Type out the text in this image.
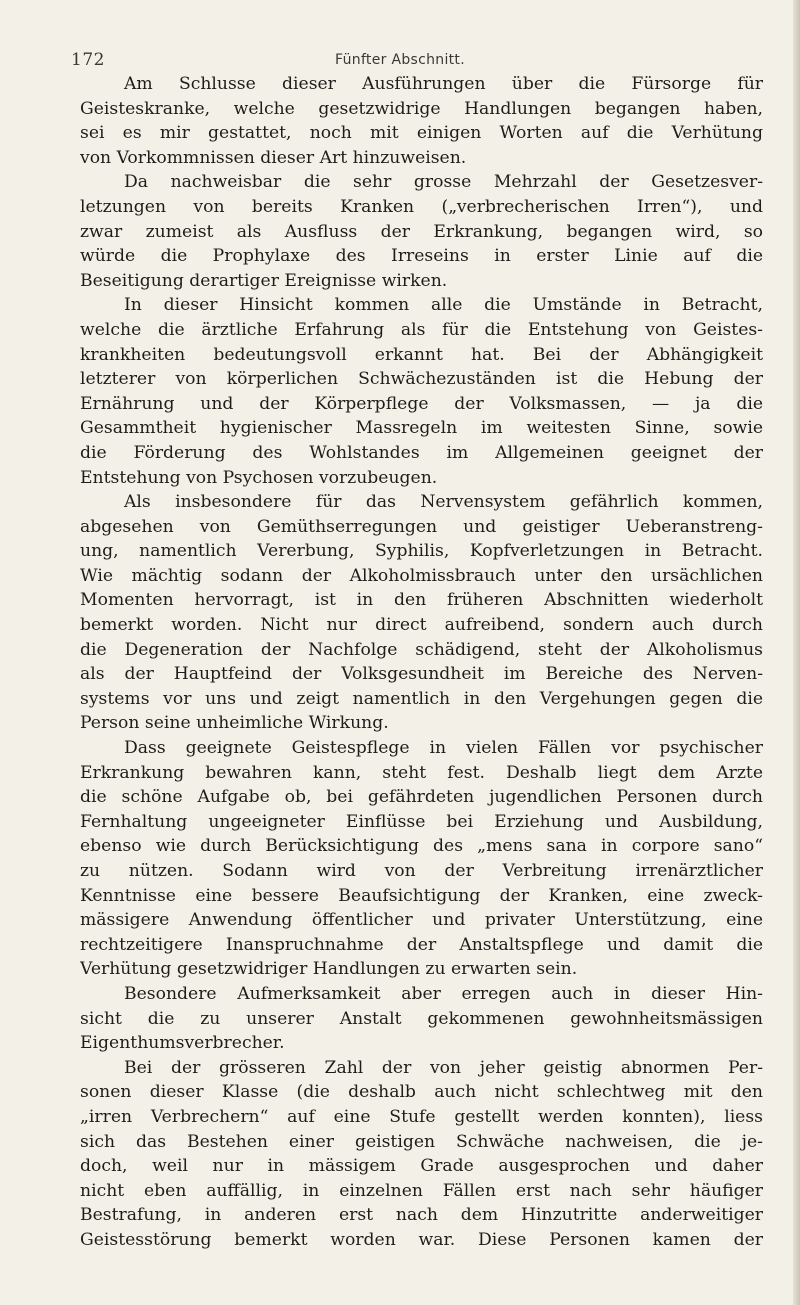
172	Fünfter Abschnitt.

Am Schlusse dieser Ausführungen über die Fürsorge für
Geisteskranke, welche gesetzwidrige Handlungen begangen haben,
sei es mir gestattet, noch mit einigen Worten auf die Verhütung
von Vorkommnissen dieser Art hinzuweisen.

Da nachweisbar die sehr grosse Mehrzahl der Gesetzesver-
letzungen von bereits Kranken („verbrecherischen Irren“), und
zwar zumeist als Ausfluss der Erkrankung, begangen wird, so
würde die Prophylaxe des Irreseins in erster Linie auf die
Beseitigung derartiger Ereignisse wirken.

In dieser Hinsicht kommen alle die Umstände in Betracht,
welche die ärztliche Erfahrung als für die Entstehung von Geistes-
krankheiten bedeutungsvoll erkannt hat. Bei der Abhängigkeit
letzterer von körperlichen Schwächezuständen ist die Hebung der
Ernährung und der Körperpflege der Volksmassen, — ja die
Gesammtheit hygienischer Massregeln im weitesten Sinne, sowie
die Förderung des Wohlstandes im Allgemeinen geeignet der
Entstehung von Psychosen vorzubeugen.

Als insbesondere für das Nervensystem gefährlich kommen,
abgesehen von Gemüthserregungen und geistiger Ueberanstreng-
ung, namentlich Vererbung, Syphilis, Kopfverletzungen in Betracht.
Wie mächtig sodann der Alkoholmissbrauch unter den ursächlichen
Momenten hervorragt, ist in den früheren Abschnitten wiederholt
bemerkt worden. Nicht nur direct aufreibend, sondern auch durch
die Degeneration der Nachfolge schädigend, steht der Alkoholismus
als der Hauptfeind der Volksgesundheit im Bereiche des Nerven-
systems vor uns und zeigt namentlich in den Vergehungen gegen die
Person seine unheimliche Wirkung.

Dass geeignete Geistespflege in vielen Fällen vor psychischer
Erkrankung bewahren kann, steht fest. Deshalb liegt dem Arzte
die schöne Aufgabe ob, bei gefährdeten jugendlichen Personen durch
Fernhaltung ungeeigneter Einflüsse bei Erziehung und Ausbildung,
ebenso wie durch Berücksichtigung des „mens sana in corpore sano“
zu nützen. Sodann wird von der Verbreitung irrenärztlicher
Kenntnisse eine bessere Beaufsichtigung der Kranken, eine zweck-
mässigere Anwendung öffentlicher und privater Unterstützung, eine
rechtzeitigere Inanspruchnahme der Anstaltspflege und damit die
Verhütung gesetzwidriger Handlungen zu erwarten sein.

Besondere Aufmerksamkeit aber erregen auch in dieser Hin-
sicht die zu unserer Anstalt gekommenen gewohnheitsmässigen
Eigenthumsverbrecher.

Bei der grösseren Zahl der von jeher geistig abnormen Per-
sonen dieser Klasse (die deshalb auch nicht schlechtweg mit den
„irren Verbrechern“ auf eine Stufe gestellt werden konnten), liess
sich das Bestehen einer geistigen Schwäche nachweisen, die je-
doch, weil nur in mässigem Grade ausgesprochen und daher
nicht eben auffällig, in einzelnen Fällen erst nach sehr häufiger
Bestrafung, in anderen erst nach dem Hinzutritte anderweitiger
Geistesstörung bemerkt worden war. Diese Personen kamen der
